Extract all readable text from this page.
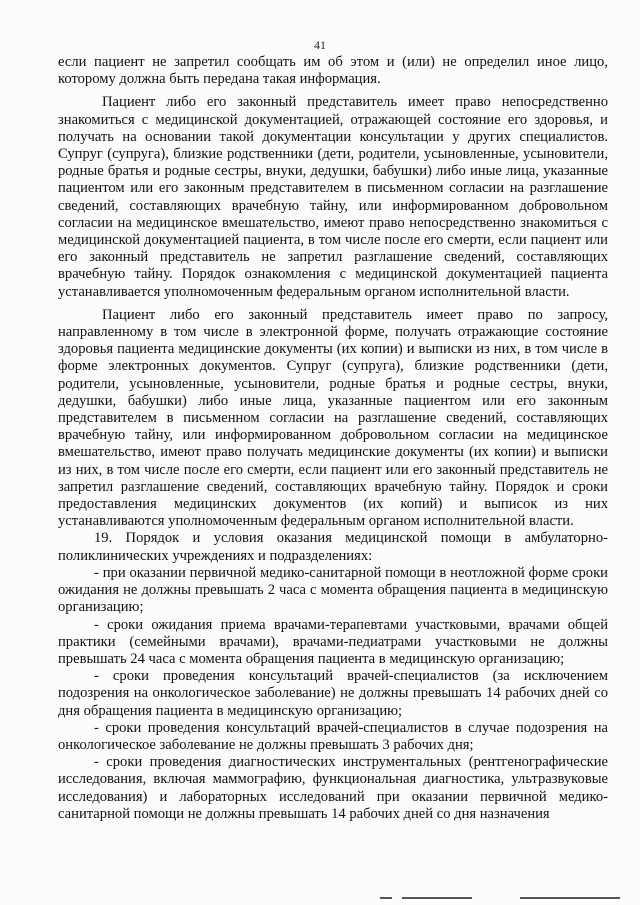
41

если пациент не запретил сообщать им об этом и (или) не определил иное лицо, которому должна быть передана такая информация.

Пациент либо его законный представитель имеет право непосредственно знакомиться с медицинской документацией, отражающей состояние его здоровья, и получать на основании такой документации консультации у других специалистов. Супруг (супруга), близкие родственники (дети, родители, усыновленные, усыновители, родные братья и родные сестры, внуки, дедушки, бабушки) либо иные лица, указанные пациентом или его законным представителем в письменном согласии на разглашение сведений, составляющих врачебную тайну, или информированном добровольном согласии на медицинское вмешательство, имеют право непосредственно знакомиться с медицинской документацией пациента, в том числе после его смерти, если пациент или его законный представитель не запретил разглашение сведений, составляющих врачебную тайну. Порядок ознакомления с медицинской документацией пациента устанавливается уполномоченным федеральным органом исполнительной власти.

Пациент либо его законный представитель имеет право по запросу, направленному в том числе в электронной форме, получать отражающие состояние здоровья пациента медицинские документы (их копии) и выписки из них, в том числе в форме электронных документов. Супруг (супруга), близкие родственники (дети, родители, усыновленные, усыновители, родные братья и родные сестры, внуки, дедушки, бабушки) либо иные лица, указанные пациентом или его законным представителем в письменном согласии на разглашение сведений, составляющих врачебную тайну, или информированном добровольном согласии на медицинское вмешательство, имеют право получать медицинские документы (их копии) и выписки из них, в том числе после его смерти, если пациент или его законный представитель не запретил разглашение сведений, составляющих врачебную тайну. Порядок и сроки предоставления медицинских документов (их копий) и выписок из них устанавливаются уполномоченным федеральным органом исполнительной власти.

19. Порядок и условия оказания медицинской помощи в амбулаторно-поликлинических учреждениях и подразделениях:

- при оказании первичной медико-санитарной помощи в неотложной форме сроки ожидания не должны превышать 2 часа с момента обращения пациента в медицинскую организацию;

- сроки ожидания приема врачами-терапевтами участковыми, врачами общей практики (семейными врачами), врачами-педиатрами участковыми не должны превышать 24 часа с момента обращения пациента в медицинскую организацию;

- сроки проведения консультаций врачей-специалистов (за исключением подозрения на онкологическое заболевание) не должны превышать 14 рабочих дней со дня обращения пациента в медицинскую организацию;

- сроки проведения консультаций врачей-специалистов в случае подозрения на онкологическое заболевание не должны превышать 3 рабочих дня;

- сроки проведения диагностических инструментальных (рентгенографические исследования, включая маммографию, функциональная диагностика, ультразвуковые исследования) и лабораторных исследований при оказании первичной медико-санитарной помощи не должны превышать 14 рабочих дней со дня назначения
